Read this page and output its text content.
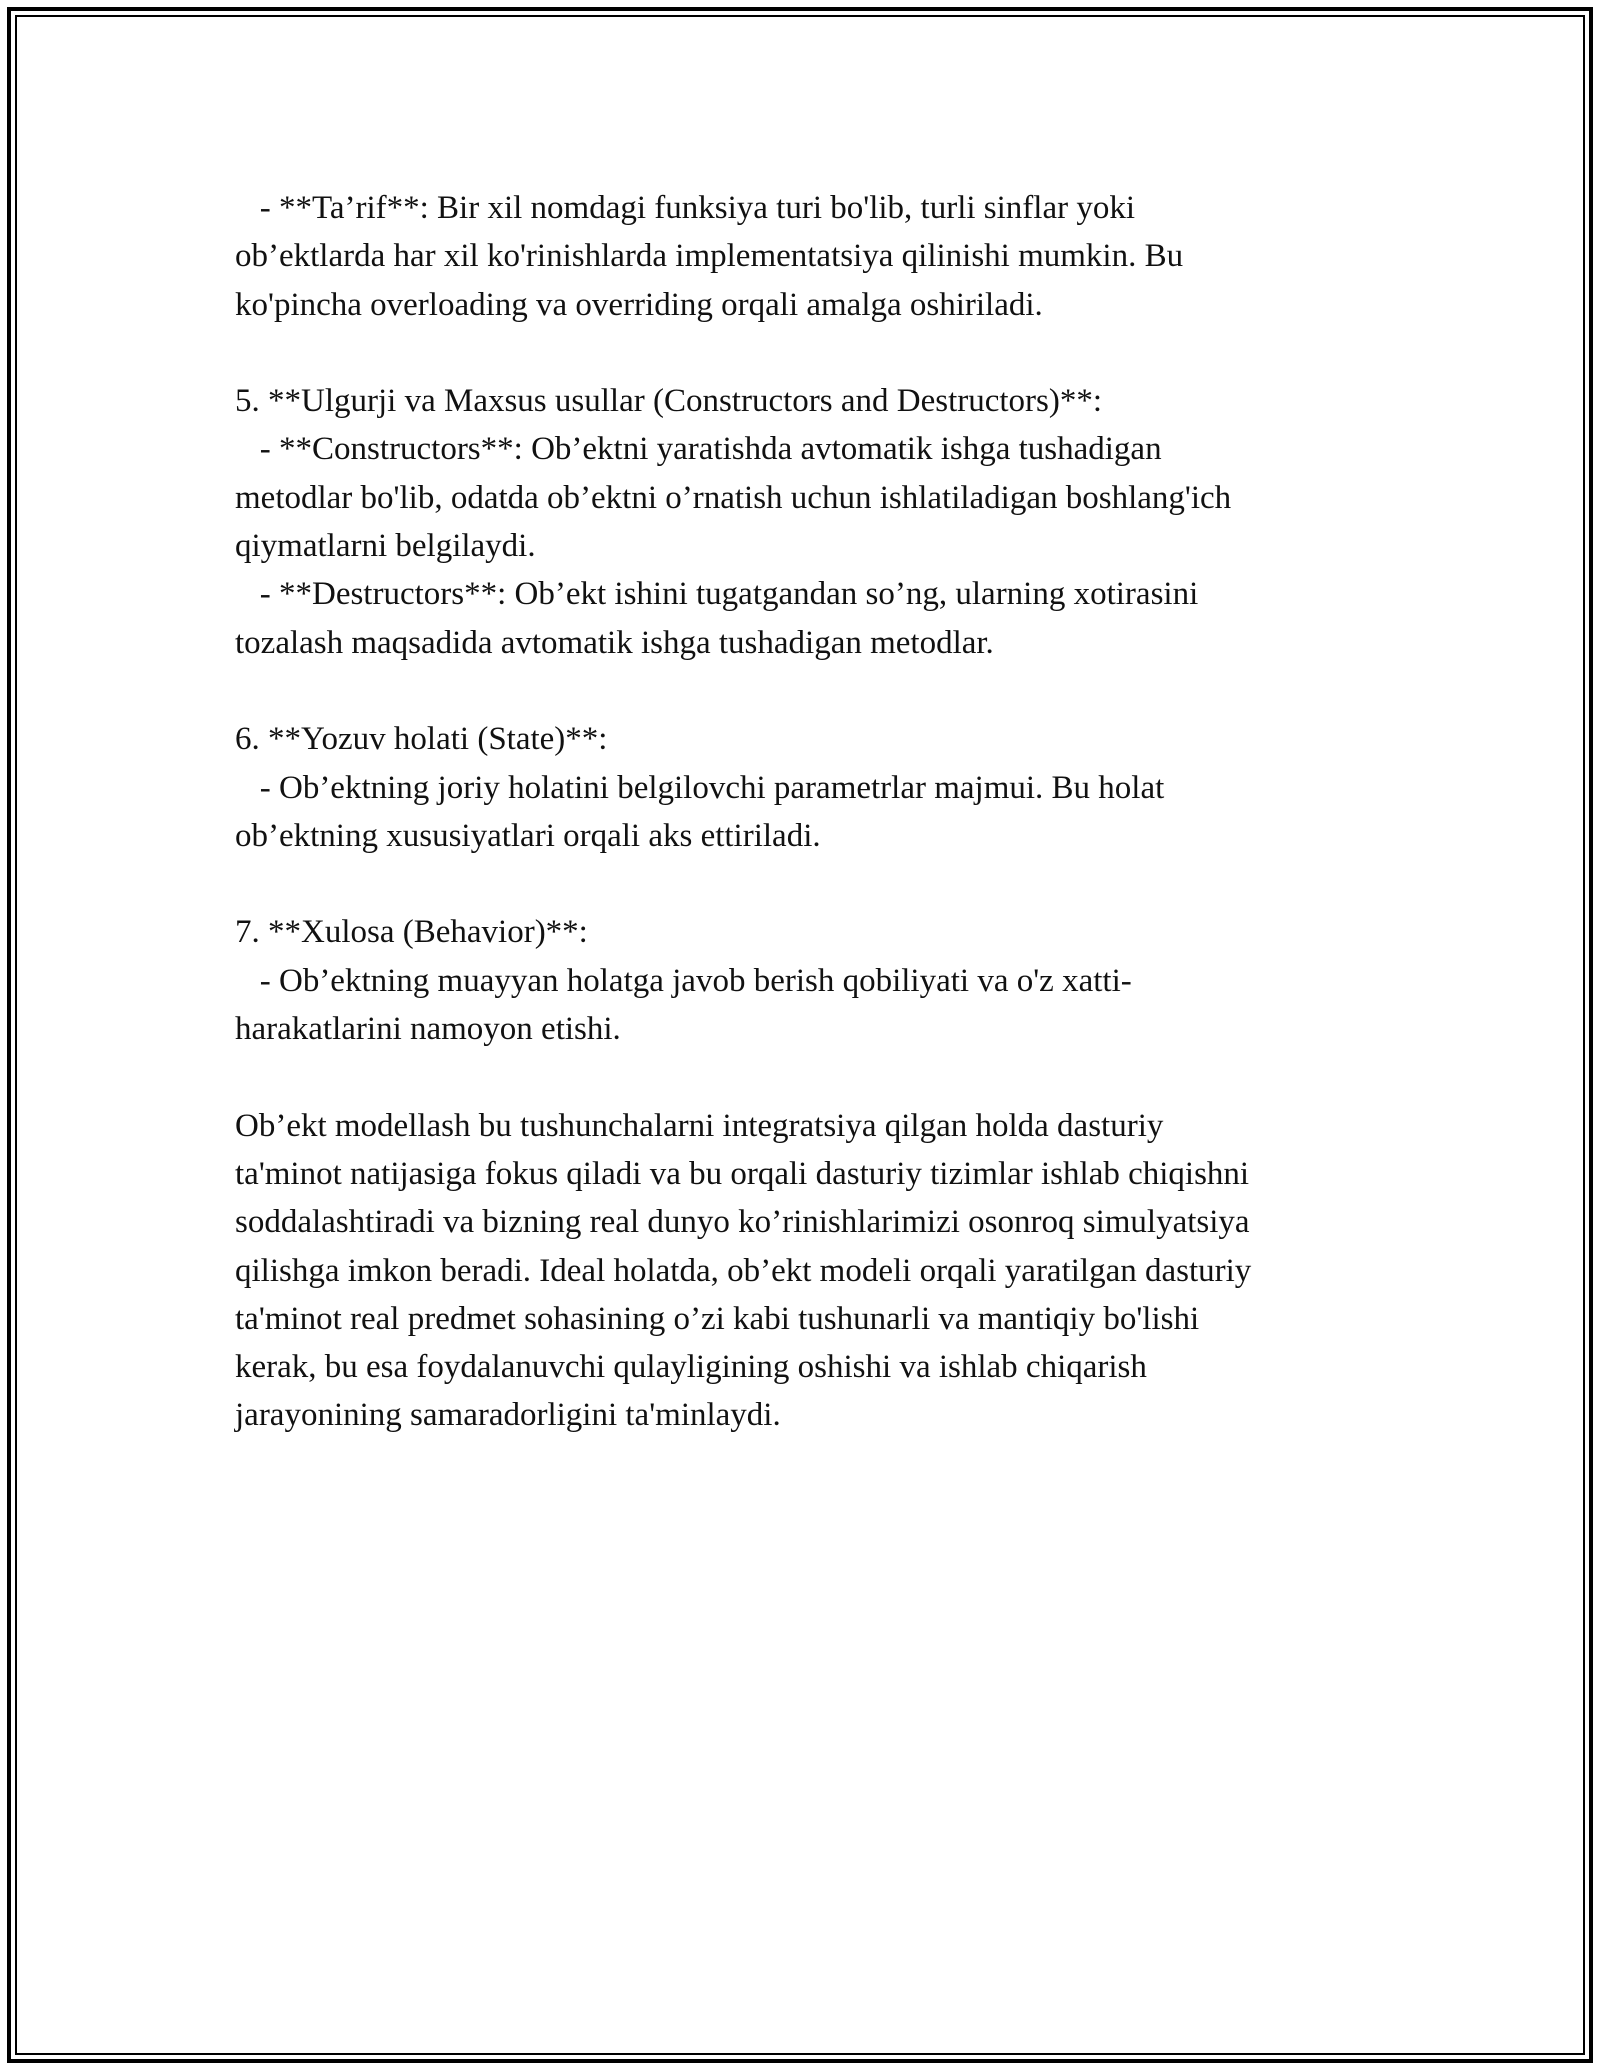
- **Ta’rif**: Bir xil nomdagi funksiya turi bo'lib, turli sinflar yoki
ob’ektlarda har xil ko'rinishlarda implementatsiya qilinishi mumkin. Bu
ko'pincha overloading va overriding orqali amalga oshiriladi.
5. **Ulgurji va Maxsus usullar (Constructors and Destructors)**:
- **Constructors**: Ob’ektni yaratishda avtomatik ishga tushadigan
metodlar bo'lib, odatda ob’ektni o’rnatish uchun ishlatiladigan boshlang'ich
qiymatlarni belgilaydi.
- **Destructors**: Ob’ekt ishini tugatgandan so’ng, ularning xotirasini
tozalash maqsadida avtomatik ishga tushadigan metodlar.
6. **Yozuv holati (State)**:
- Ob’ektning joriy holatini belgilovchi parametrlar majmui. Bu holat
ob’ektning xususiyatlari orqali aks ettiriladi.
7. **Xulosa (Behavior)**:
- Ob’ektning muayyan holatga javob berish qobiliyati va o'z xatti-
harakatlarini namoyon etishi.
Ob’ekt modellash bu tushunchalarni integratsiya qilgan holda dasturiy
ta'minot natijasiga fokus qiladi va bu orqali dasturiy tizimlar ishlab chiqishni
soddalashtiradi va bizning real dunyo ko’rinishlarimizi osonroq simulyatsiya
qilishga imkon beradi. Ideal holatda, ob’ekt modeli orqali yaratilgan dasturiy
ta'minot real predmet sohasining o’zi kabi tushunarli va mantiqiy bo'lishi
kerak, bu esa foydalanuvchi qulayligining oshishi va ishlab chiqarish
jarayonining samaradorligini ta'minlaydi.
